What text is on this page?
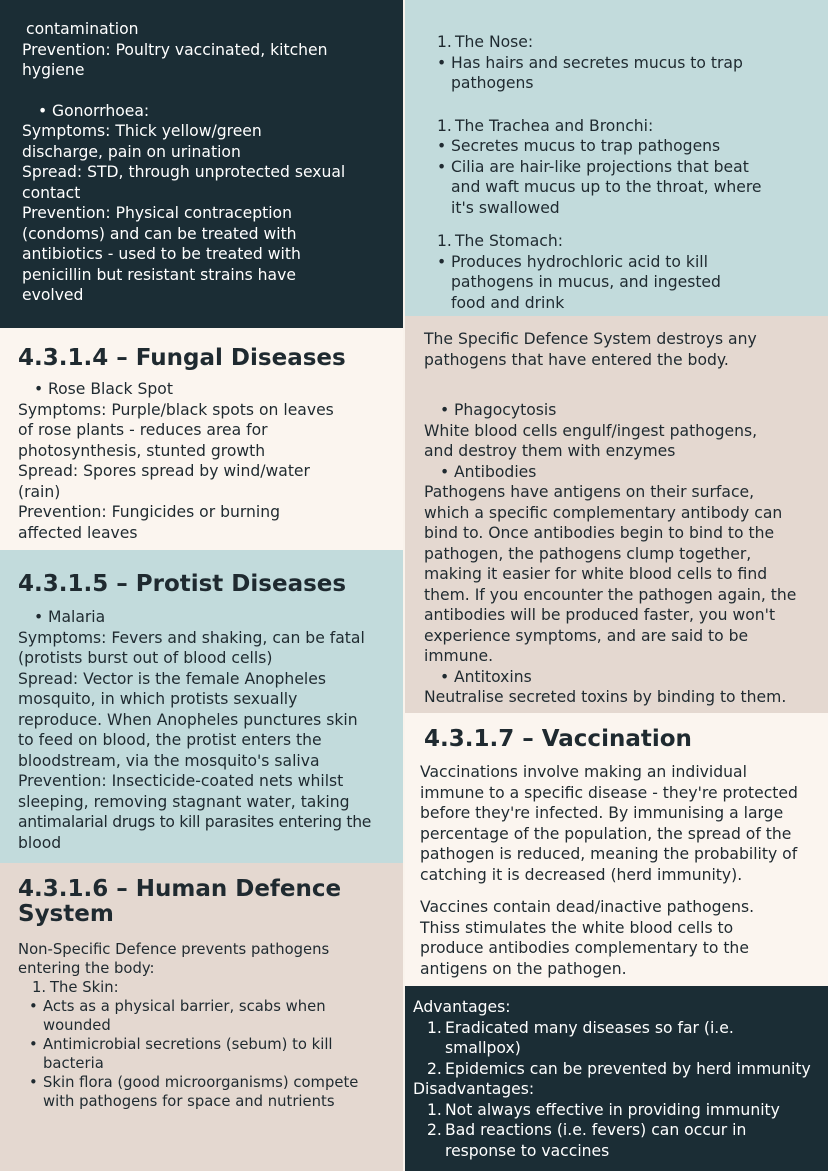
contamination

Prevention: Poultry vaccinated, kitchen

hygiene

• Gonorrhoea:

Symptoms: Thick yellow/green

discharge, pain on urination

Spread: STD, through unprotected sexual

contact

Prevention: Physical contraception

(condoms) and can be treated with

antibiotics - used to be treated with

penicillin but resistant strains have

evolved

4.3.1.4 – Fungal Diseases

• Rose Black Spot

Symptoms: Purple/black spots on leaves

of rose plants - reduces area for

photosynthesis, stunted growth

Spread: Spores spread by wind/water

(rain)

Prevention: Fungicides or burning

affected leaves

4.3.1.5 – Protist Diseases

• Malaria

Symptoms: Fevers and shaking, can be fatal

(protists burst out of blood cells)

Spread: Vector is the female Anopheles

mosquito, in which protists sexually

reproduce. When Anopheles punctures skin

to feed on blood, the protist enters the

bloodstream, via the mosquito's saliva

Prevention: Insecticide-coated nets whilst

sleeping, removing stagnant water, taking

antimalarial drugs to kill parasites entering the

blood

4.3.1.6 – Human Defence
System

Non-Specific Defence prevents pathogens

entering the body:

1. The Skin:

• Acts as a physical barrier, scabs when

wounded

• Antimicrobial secretions (sebum) to kill

bacteria

• Skin flora (good microorganisms) compete

with pathogens for space and nutrients

1. The Nose:

• Has hairs and secretes mucus to trap

pathogens

1. The Trachea and Bronchi:

• Secretes mucus to trap pathogens

• Cilia are hair-like projections that beat

and waft mucus up to the throat, where

it's swallowed

1. The Stomach:

• Produces hydrochloric acid to kill

pathogens in mucus, and ingested

food and drink

The Specific Defence System destroys any

pathogens that have entered the body.

• Phagocytosis

White blood cells engulf/ingest pathogens,

and destroy them with enzymes

• Antibodies

Pathogens have antigens on their surface,

which a specific complementary antibody can

bind to. Once antibodies begin to bind to the

pathogen, the pathogens clump together,

making it easier for white blood cells to find

them. If you encounter the pathogen again, the

antibodies will be produced faster, you won't

experience symptoms, and are said to be

immune.

• Antitoxins

Neutralise secreted toxins by binding to them.

4.3.1.7 – Vaccination

Vaccinations involve making an individual

immune to a specific disease - they're protected

before they're infected. By immunising a large

percentage of the population, the spread of the

pathogen is reduced, meaning the probability of

catching it is decreased (herd immunity).

Vaccines contain dead/inactive pathogens.

Thiss stimulates the white blood cells to

produce antibodies complementary to the

antigens on the pathogen.

Advantages:

1. Eradicated many diseases so far (i.e.

smallpox)

2. Epidemics can be prevented by herd immunity

Disadvantages:

1. Not always effective in providing immunity

2. Bad reactions (i.e. fevers) can occur in

response to vaccines
